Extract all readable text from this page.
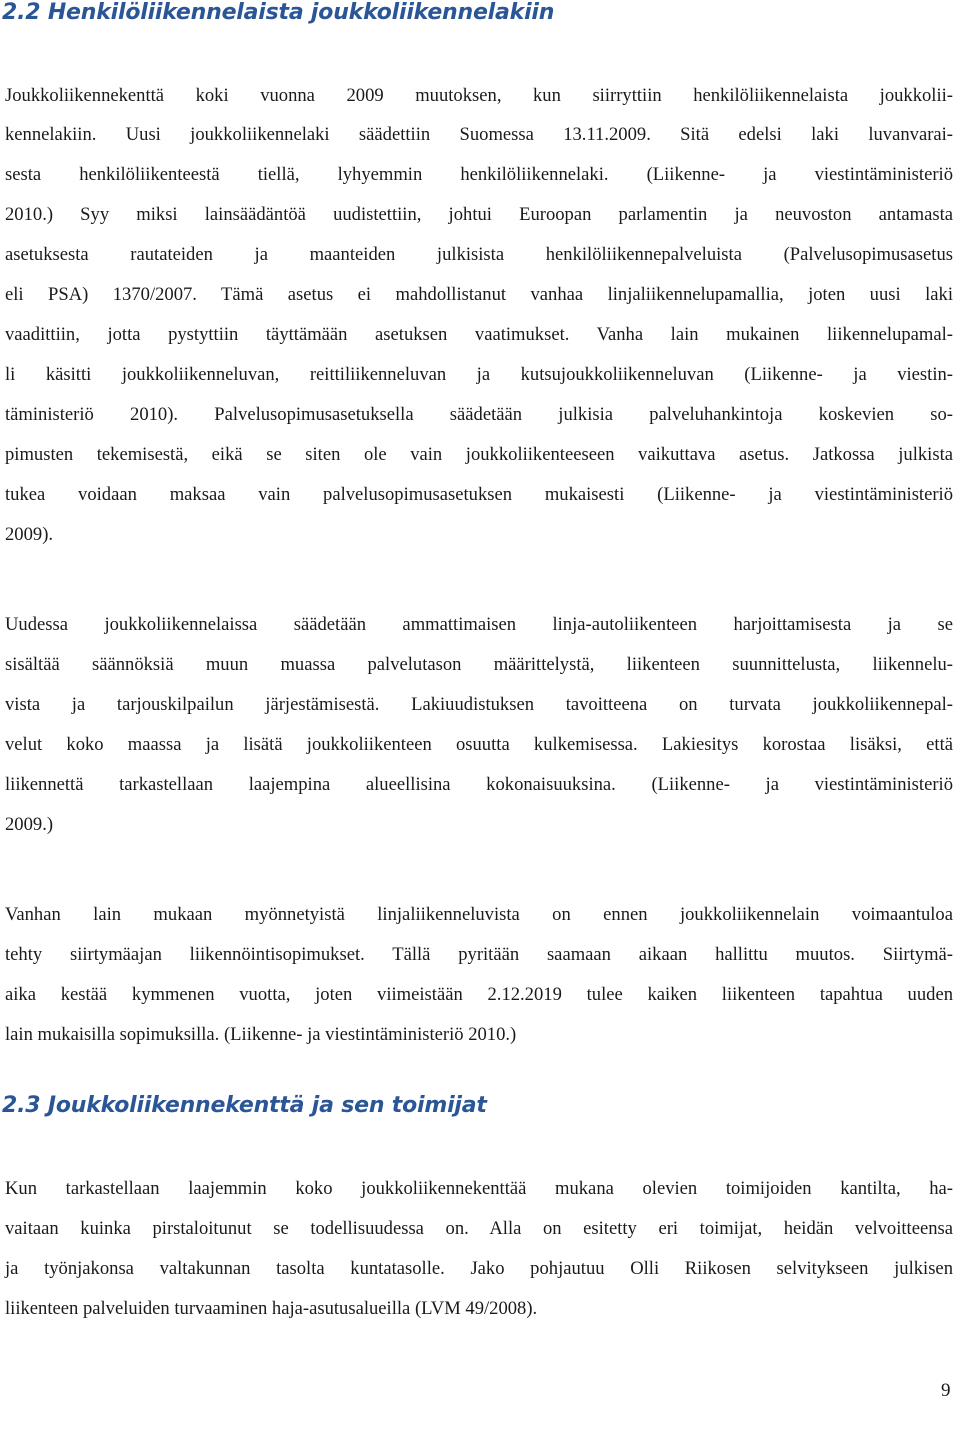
2.2 Henkilöliikennelaista joukkoliikennelakiin
Joukkoliikennekenttä koki vuonna 2009 muutoksen, kun siirryttiin henkilöliikennelaista joukkolii-
kennelakiin. Uusi joukkoliikennelaki säädettiin Suomessa 13.11.2009. Sitä edelsi laki luvanvarai-
sesta henkilöliikenteestä tiellä, lyhyemmin henkilöliikennelaki. (Liikenne- ja viestintäministeriö
2010.) Syy miksi lainsäädäntöä uudistettiin, johtui Euroopan parlamentin ja neuvoston antamasta
asetuksesta rautateiden ja maanteiden julkisista henkilöliikennepalveluista (Palvelusopimusasetus
eli PSA) 1370/2007. Tämä asetus ei mahdollistanut vanhaa linjaliikennelupamallia, joten uusi laki
vaadittiin, jotta pystyttiin täyttämään asetuksen vaatimukset. Vanha lain mukainen liikennelupamal-
li käsitti joukkoliikenneluvan, reittiliikenneluvan ja kutsujoukkoliikenneluvan (Liikenne- ja viestin-
täministeriö 2010). Palvelusopimusasetuksella säädetään julkisia palveluhankintoja koskevien so-
pimusten tekemisestä, eikä se siten ole vain joukkoliikenteeseen vaikuttava asetus. Jatkossa julkista
tukea voidaan maksaa vain palvelusopimusasetuksen mukaisesti (Liikenne- ja viestintäministeriö
2009).
Uudessa joukkoliikennelaissa säädetään ammattimaisen linja-autoliikenteen harjoittamisesta ja se
sisältää säännöksiä muun muassa palvelutason määrittelystä, liikenteen suunnittelusta, liikennelu-
vista ja tarjouskilpailun järjestämisestä. Lakiuudistuksen tavoitteena on turvata joukkoliikennepal-
velut koko maassa ja lisätä joukkoliikenteen osuutta kulkemisessa. Lakiesitys korostaa lisäksi, että
liikennettä tarkastellaan laajempina alueellisina kokonaisuuksina. (Liikenne- ja viestintäministeriö
2009.)
Vanhan lain mukaan myönnetyistä linjaliikenneluvista on ennen joukkoliikennelain voimaantuloa
tehty siirtymäajan liikennöintisopimukset. Tällä pyritään saamaan aikaan hallittu muutos. Siirtymä-
aika kestää kymmenen vuotta, joten viimeistään 2.12.2019 tulee kaiken liikenteen tapahtua uuden
lain mukaisilla sopimuksilla. (Liikenne- ja viestintäministeriö 2010.)
2.3 Joukkoliikennekenttä ja sen toimijat
Kun tarkastellaan laajemmin koko joukkoliikennekenttää mukana olevien toimijoiden kantilta, ha-
vaitaan kuinka pirstaloitunut se todellisuudessa on. Alla on esitetty eri toimijat, heidän velvoitteensa
ja työnjakonsa valtakunnan tasolta kuntatasolle. Jako pohjautuu Olli Riikosen selvitykseen julkisen
liikenteen palveluiden turvaaminen haja-asutusalueilla (LVM 49/2008).
9
